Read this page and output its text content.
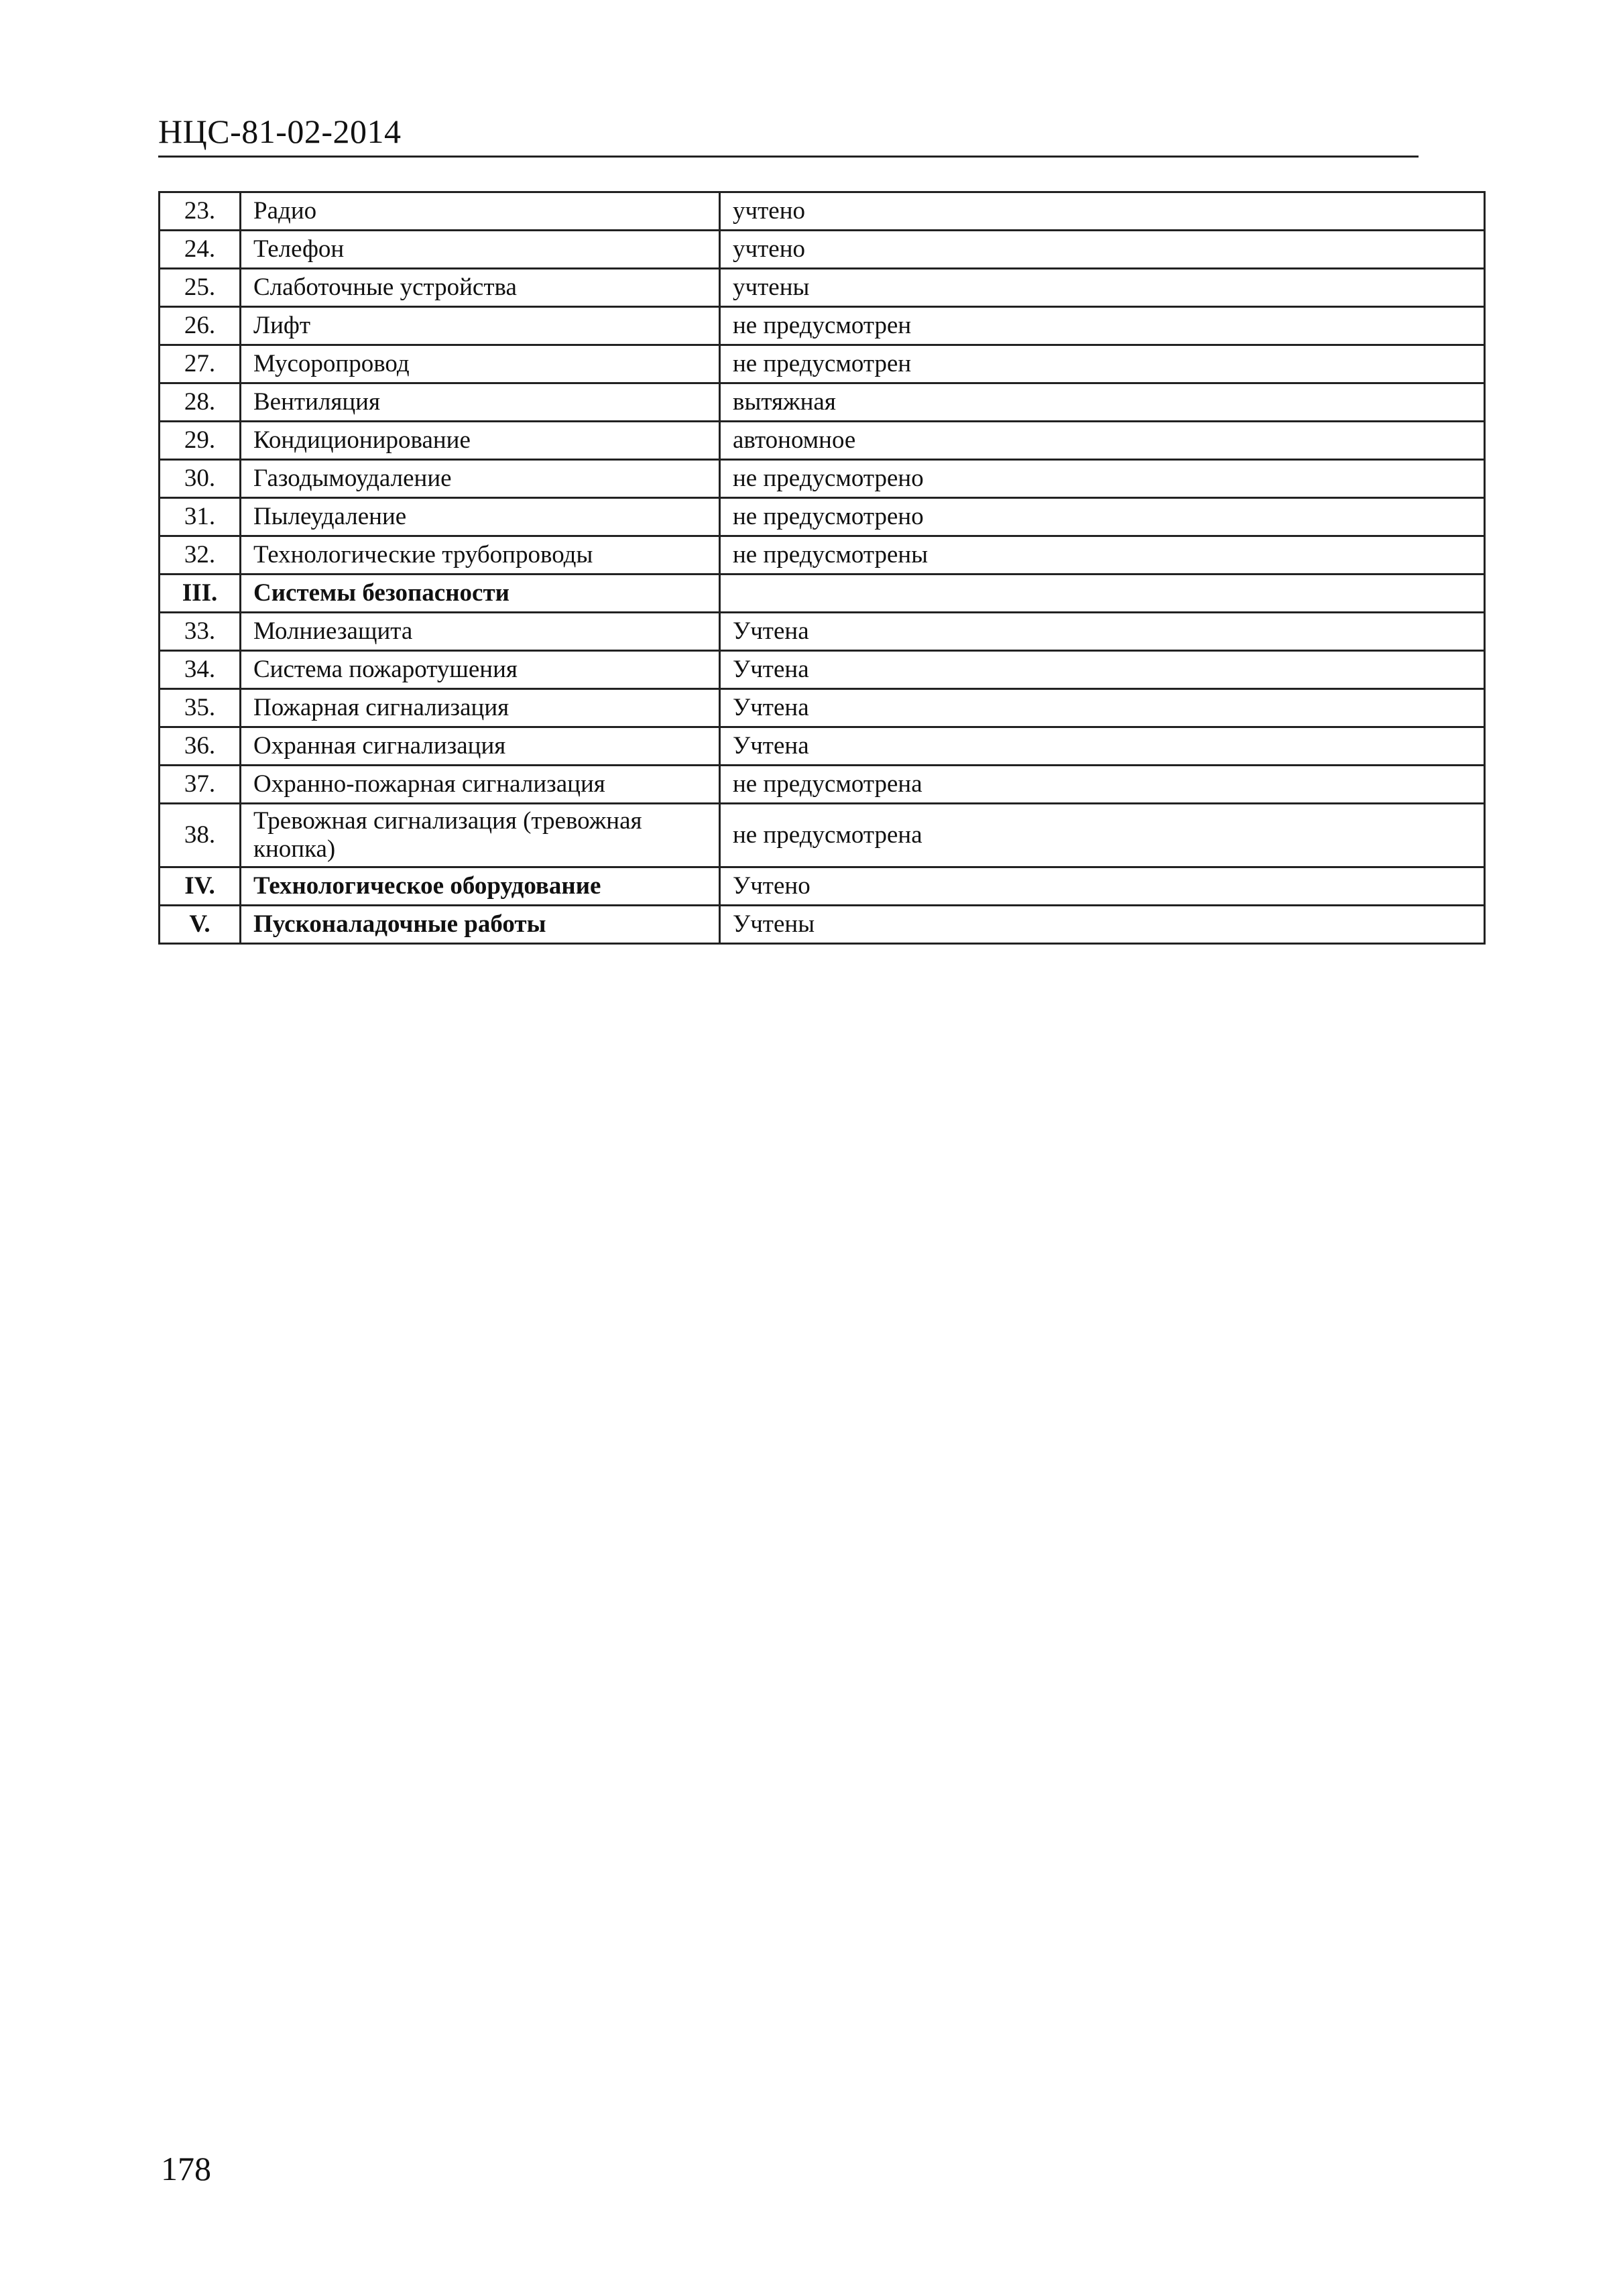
НЦС-81-02-2014
23.	Радио	учтено
24.	Телефон	учтено
25.	Слаботочные устройства	учтены
26.	Лифт	не предусмотрен
27.	Мусоропровод	не предусмотрен
28.	Вентиляция	вытяжная
29.	Кондиционирование	автономное
30.	Газодымоудаление	не предусмотрено
31.	Пылеудаление	не предусмотрено
32.	Технологические трубопроводы	не предусмотрены
III.	Системы безопасности	
33.	Молниезащита	Учтена
34.	Система пожаротушения	Учтена
35.	Пожарная сигнализация	Учтена
36.	Охранная сигнализация	Учтена
37.	Охранно-пожарная сигнализация	не предусмотрена
38.	Тревожная сигнализация (тревожная кнопка)	не предусмотрена
IV.	Технологическое оборудование	Учтено
V.	Пусконаладочные работы	Учтены
178
